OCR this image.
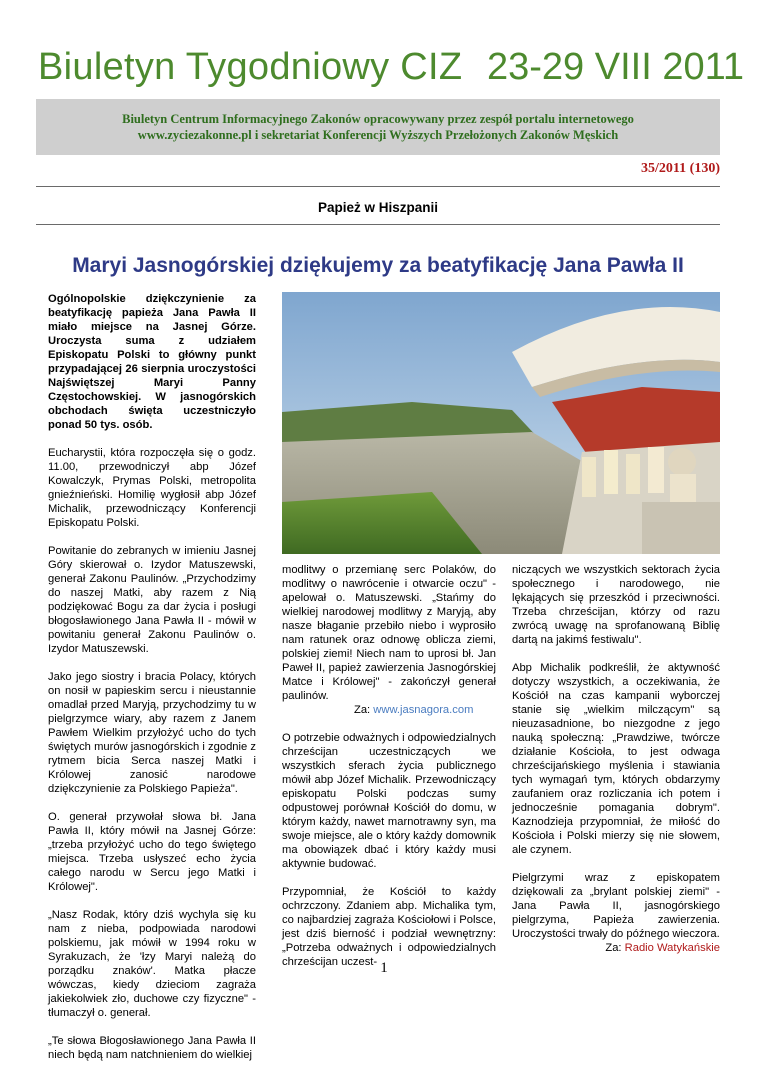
Biuletyn Tygodniowy CIZ 23-29 VIII 2011

Biuletyn Centrum Informacyjnego Zakonów opracowywany przez zespół portalu internetowego

www.zyciezakonne.pl i sekretariat Konferencji Wyższych Przełożonych Zakonów Męskich

35/2011 (130)
Papież w Hiszpanii
Maryi Jasnogórskiej dziękujemy za beatyfikację Jana Pawła II

Ogólnopolskie dziękczynienie za beatyfikację papieża Jana Pawła II miało miejsce na Jasnej Górze. Uroczysta suma z udziałem Episkopatu Polski to główny punkt przypadającej 26 sierpnia uroczystości Najświętszej Maryi Panny Częstochowskiej. W jasnogórskich obchodach święta uczestniczyło ponad 50 tys. osób.

Eucharystii, która rozpoczęła się o godz. 11.00, przewodniczył abp Józef Kowalczyk, Prymas Polski, metropolita gnieźnieński. Homilię wygłosił abp Józef Michalik, przewodniczący Konferencji Episkopatu Polski.

Powitanie do zebranych w imieniu Jasnej Góry skierował o. Izydor Matuszewski, generał Zakonu Paulinów. „Przychodzimy do naszej Matki, aby razem z Nią podziękować Bogu za dar życia i posługi błogosławionego Jana Pawła II - mówił w powitaniu generał Zakonu Paulinów o. Izydor Matuszewski.

Jako jego siostry i bracia Polacy, których on nosił w papieskim sercu i nieustannie omadlał przed Maryją, przychodzimy tu w pielgrzymce wiary, aby razem z Janem Pawłem Wielkim przyłożyć ucho do tych świętych murów jasnogórskich i zgodnie z rytmem bicia Serca naszej Matki i Królowej zanosić narodowe dziękczynienie za Polskiego Papieża".

O. generał przywołał słowa bł. Jana Pawła II, który mówił na Jasnej Górze: „trzeba przyłożyć ucho do tego świętego miejsca. Trzeba usłyszeć echo życia całego narodu w Sercu jego Matki i Królowej".

„Nasz Rodak, który dziś wychyla się ku nam z nieba, podpowiada narodowi polskiemu, jak mówił w 1994 roku w Syrakuzach, że 'łzy Maryi należą do porządku znaków'. Matka płacze wówczas, kiedy dzieciom zagraża jakiekolwiek zło, duchowe czy fizyczne" - tłumaczył o. generał.

„Te słowa Błogosławionego Jana Pawła II niech będą nam natchnieniem do wielkiej

modlitwy o przemianę serc Polaków, do modlitwy o nawrócenie i otwarcie oczu" - apelował o. Matuszewski. „Stańmy do wielkiej narodowej modlitwy z Maryją, aby nasze błaganie przebiło niebo i wyprosiło nam ratunek oraz odnowę oblicza ziemi, polskiej ziemi! Niech nam to uprosi bł. Jan Paweł II, papież zawierzenia Jasnogórskiej Matce i Królowej" - zakończył generał paulinów.
Za: www.jasnagora.com

O potrzebie odważnych i odpowiedzialnych chrześcijan uczestniczących we wszystkich sferach życia publicznego mówił abp Józef Michalik. Przewodniczący episkopatu Polski podczas sumy odpustowej porównał Kościół do domu, w którym każdy, nawet marnotrawny syn, ma swoje miejsce, ale o który każdy domownik ma obowiązek dbać i który każdy musi aktywnie budować.

Przypomniał, że Kościół to każdy ochrzczony. Zdaniem abp. Michalika tym, co najbardziej zagraża Kościołowi i Polsce, jest dziś bierność i podział wewnętrzny: „Potrzeba odważnych i odpowiedzialnych chrześcijan uczest-

niczących we wszystkich sektorach życia społecznego i narodowego, nie lękających się przeszkód i przeciwności. Trzeba chrześcijan, którzy od razu zwrócą uwagę na sprofanowaną Biblię dartą na jakimś festiwalu".

Abp Michalik podkreślił, że aktywność dotyczy wszystkich, a oczekiwania, że Kościół na czas kampanii wyborczej stanie się „wielkim milczącym" są nieuzasadnione, bo niezgodne z jego nauką społeczną: „Prawdziwe, twórcze działanie Kościoła, to jest odwaga chrześcijańskiego myślenia i stawiania tych wymagań tym, których obdarzymy zaufaniem oraz rozliczania ich potem i jednocześnie pomagania dobrym". Kaznodzieja przypomniał, że miłość do Kościoła i Polski mierzy się nie słowem, ale czynem.

Pielgrzymi wraz z episkopatem dziękowali za „brylant polskiej ziemi" - Jana Pawła II, jasnogórskiego pielgrzyma, Papieża zawierzenia. Uroczystości trwały do późnego wieczora.

Za: Radio Watykańskie

1
